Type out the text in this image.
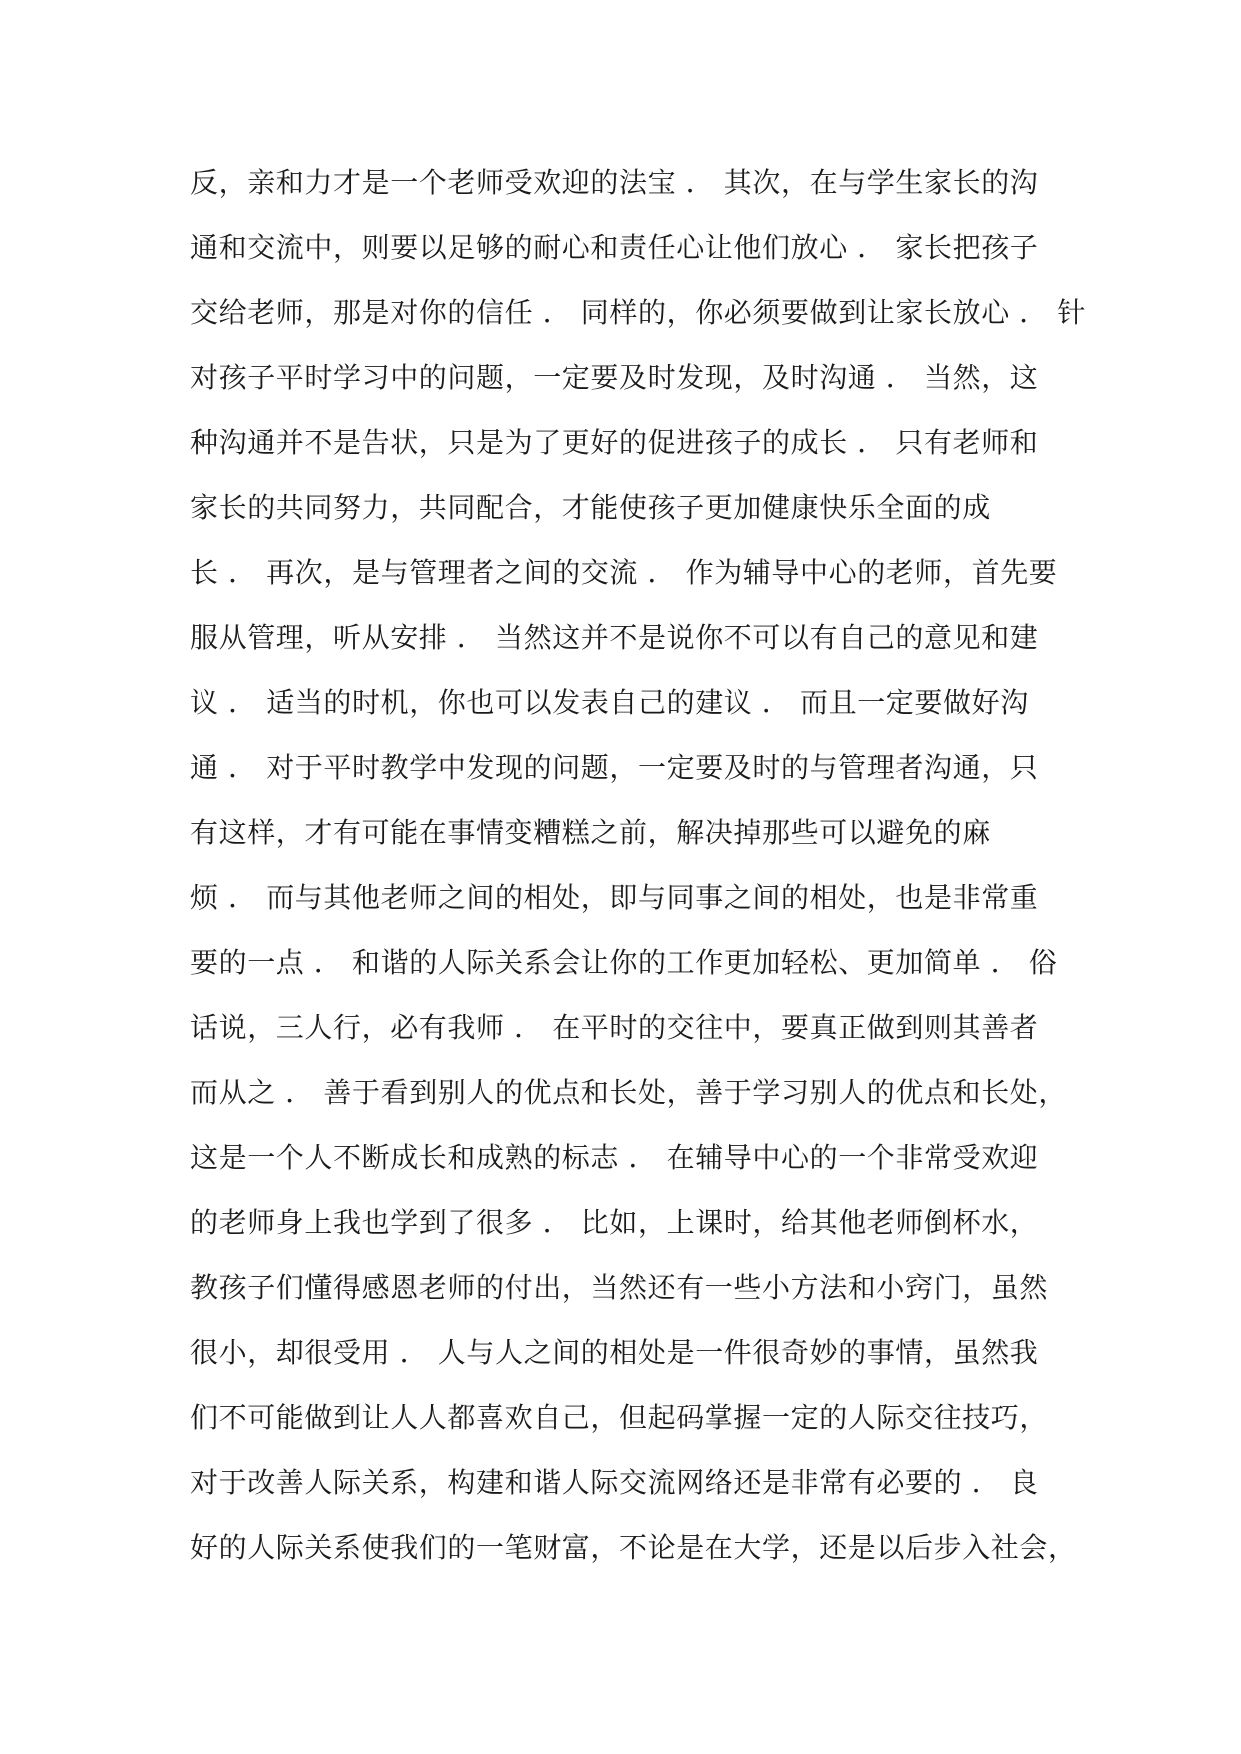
反，亲和力才是一个老师受欢迎的法宝 ． 其次，在与学生家长的沟
通和交流中，则要以足够的耐心和责任心让他们放心 ． 家长把孩子
交给老师，那是对你的信任 ． 同样的，你必须要做到让家长放心 ． 针
对孩子平时学习中的问题，一定要及时发现，及时沟通 ． 当然，这
种沟通并不是告状，只是为了更好的促进孩子的成长 ． 只有老师和
家长的共同努力，共同配合，才能使孩子更加健康快乐全面的成
长 ． 再次，是与管理者之间的交流 ． 作为辅导中心的老师，首先要
服从管理，听从安排 ． 当然这并不是说你不可以有自己的意见和建
议 ． 适当的时机，你也可以发表自己的建议 ． 而且一定要做好沟
通 ． 对于平时教学中发现的问题，一定要及时的与管理者沟通，只
有这样，才有可能在事情变糟糕之前，解决掉那些可以避免的麻
烦 ． 而与其他老师之间的相处，即与同事之间的相处，也是非常重
要的一点 ． 和谐的人际关系会让你的工作更加轻松、更加简单 ． 俗
话说，三人行，必有我师 ． 在平时的交往中，要真正做到则其善者
而从之 ． 善于看到别人的优点和长处，善于学习别人的优点和长处，
这是一个人不断成长和成熟的标志 ． 在辅导中心的一个非常受欢迎
的老师身上我也学到了很多 ． 比如，上课时，给其他老师倒杯水，
教孩子们懂得感恩老师的付出，当然还有一些小方法和小窍门，虽然
很小，却很受用 ． 人与人之间的相处是一件很奇妙的事情，虽然我
们不可能做到让人人都喜欢自己，但起码掌握一定的人际交往技巧，
对于改善人际关系，构建和谐人际交流网络还是非常有必要的 ． 良
好的人际关系使我们的一笔财富，不论是在大学，还是以后步入社会，
